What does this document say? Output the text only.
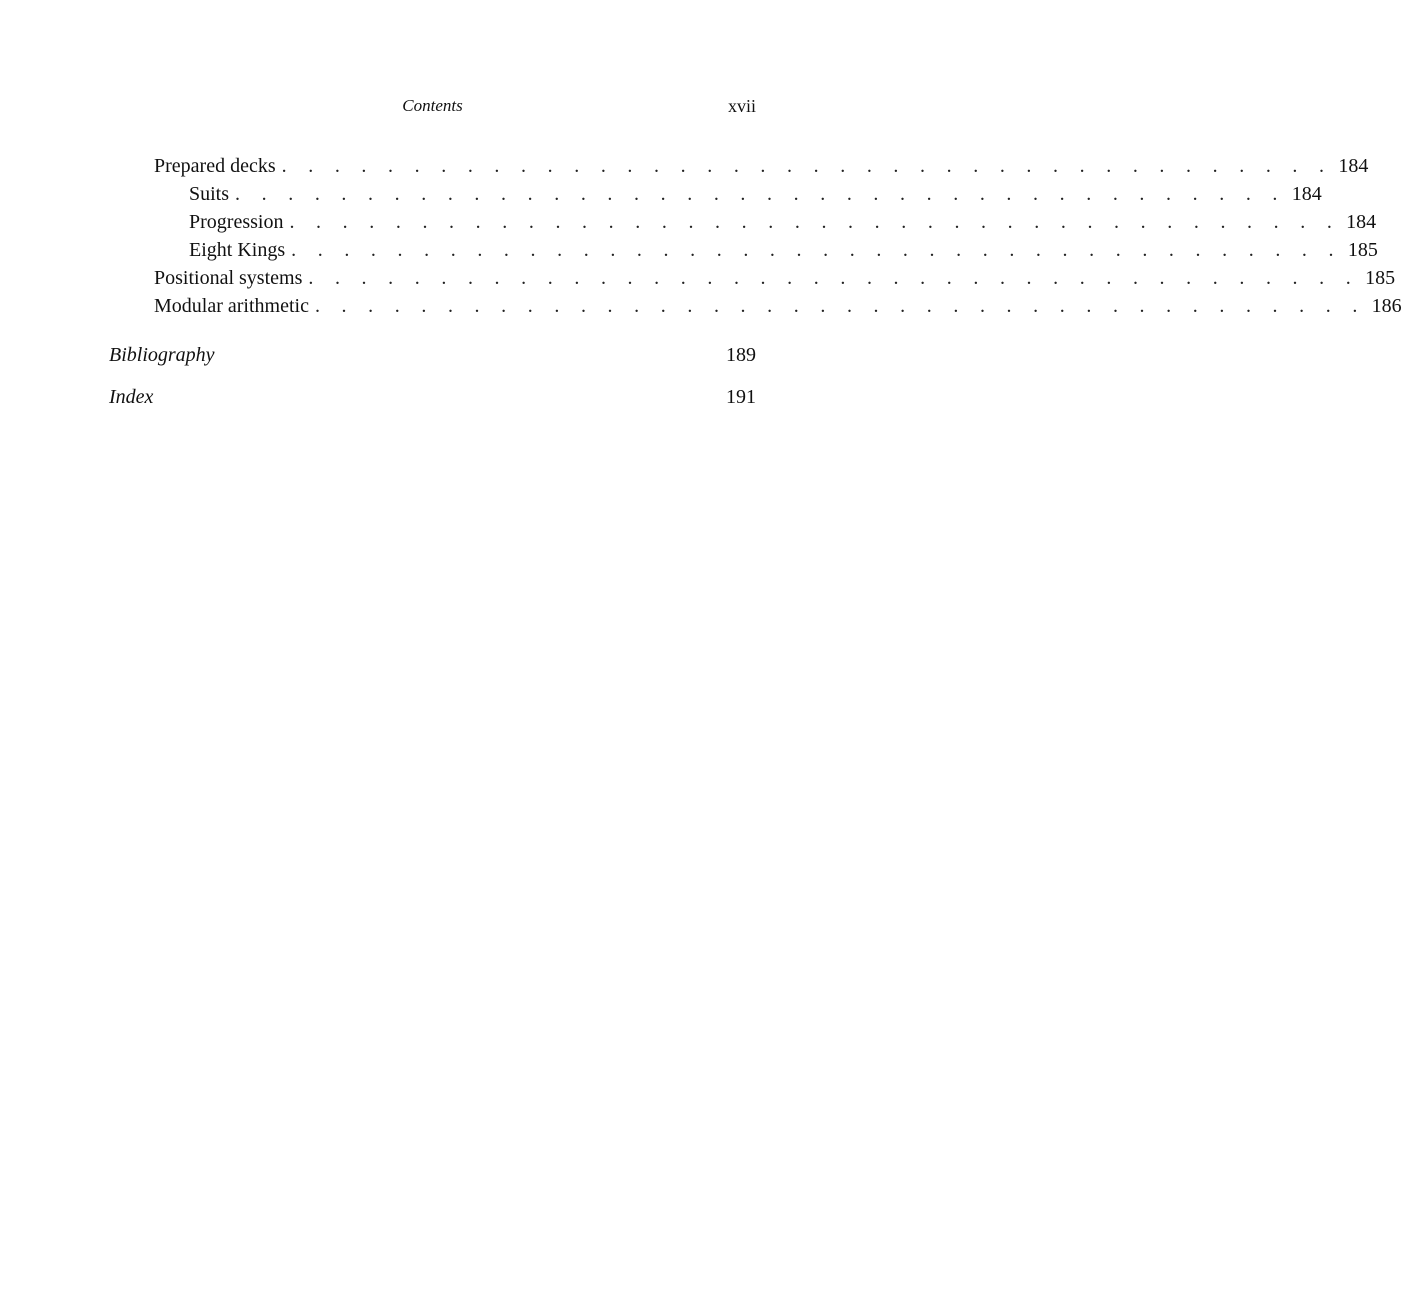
Contents	xvii
Prepared decks . . . . . . . . . . . . . . . . . . . . . . . . . . . . . . . . . . . . . . . . 184
Suits . . . . . . . . . . . . . . . . . . . . . . . . . . . . . . . . . . . . . . . . 184
Progression . . . . . . . . . . . . . . . . . . . . . . . . . . . . . . . . . . . . . . . . 184
Eight Kings . . . . . . . . . . . . . . . . . . . . . . . . . . . . . . . . . . . . . . . . 185
Positional systems . . . . . . . . . . . . . . . . . . . . . . . . . . . . . . . . . . . . . . . . 185
Modular arithmetic . . . . . . . . . . . . . . . . . . . . . . . . . . . . . . . . . . . . . . . . 186
Bibliography	189
Index	191
